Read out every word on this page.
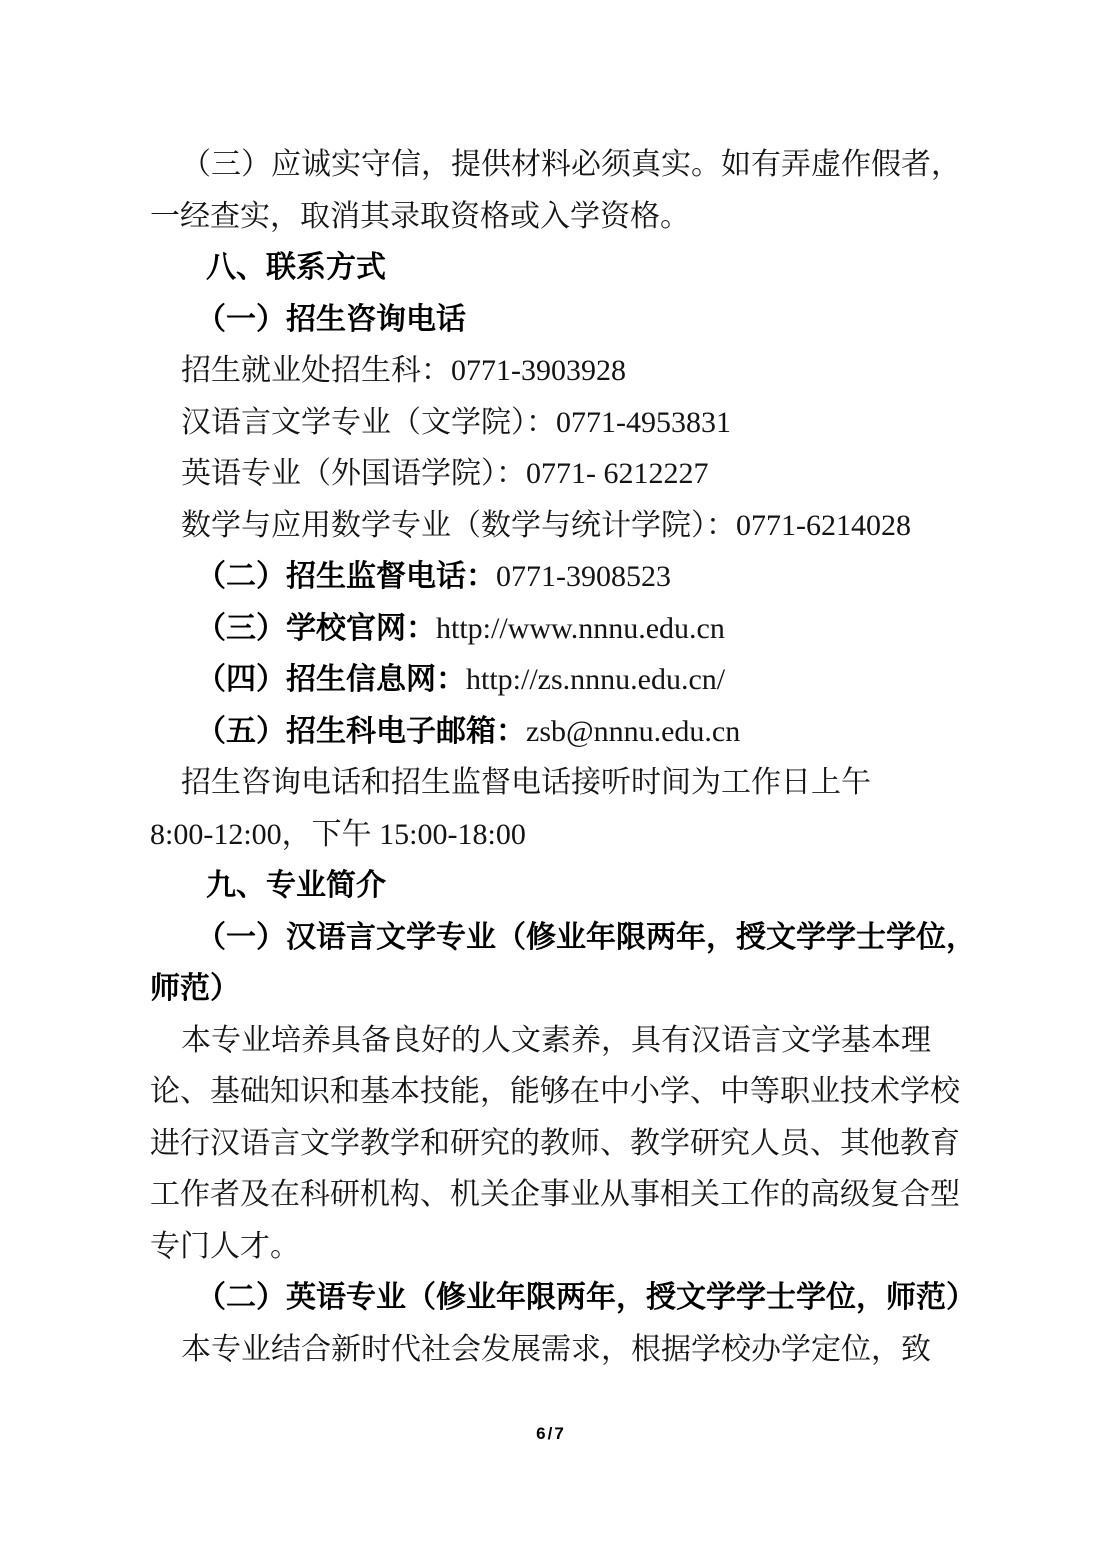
（三）应诚实守信，提供材料必须真实。如有弄虚作假者，
一经查实，取消其录取资格或入学资格。
八、联系方式
（一）招生咨询电话
招生就业处招生科：0771-3903928
汉语言文学专业（文学院）：0771-4953831
英语专业（外国语学院）：0771- 6212227
数学与应用数学专业（数学与统计学院）：0771-6214028
（二）招生监督电话：0771-3908523
（三）学校官网：http://www.nnnu.edu.cn
（四）招生信息网：http://zs.nnnu.edu.cn/
（五）招生科电子邮箱：zsb@nnnu.edu.cn
招生咨询电话和招生监督电话接听时间为工作日上午
8:00-12:00，下午 15:00-18:00
九、专业简介
（一）汉语言文学专业（修业年限两年，授文学学士学位，
师范）
本专业培养具备良好的人文素养，具有汉语言文学基本理
论、基础知识和基本技能，能够在中小学、中等职业技术学校
进行汉语言文学教学和研究的教师、教学研究人员、其他教育
工作者及在科研机构、机关企事业从事相关工作的高级复合型
专门人才。
（二）英语专业（修业年限两年，授文学学士学位，师范）
本专业结合新时代社会发展需求，根据学校办学定位，致
6/7
